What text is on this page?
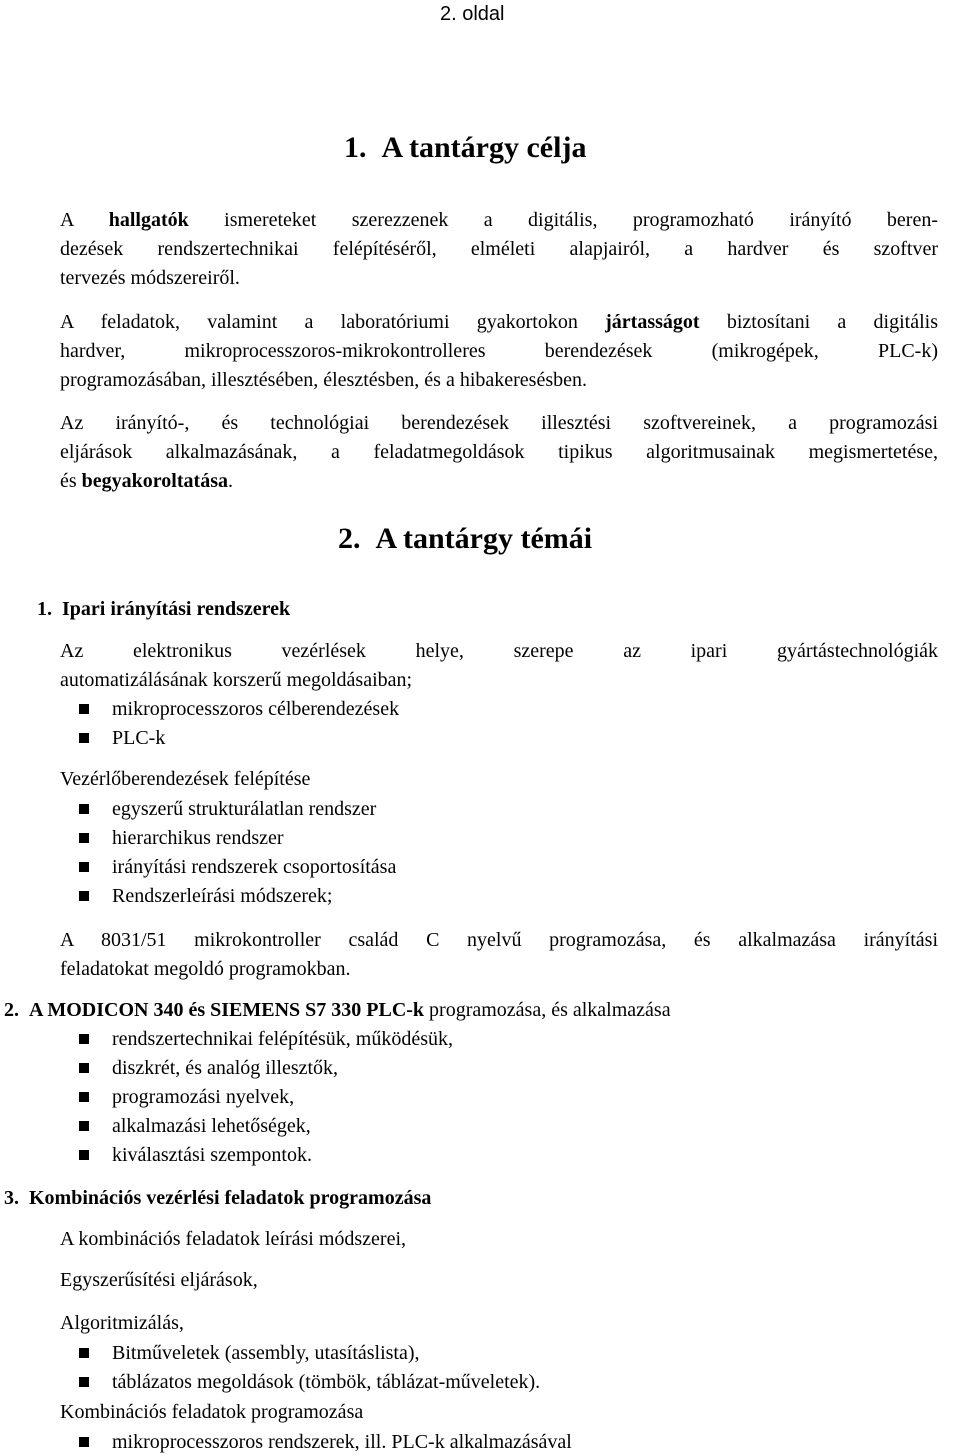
2. oldal
1. A tantárgy célja
A hallgatók ismereteket szerezzenek a digitális, programozható irányító beren-
dezések rendszertechnikai felépítéséről, elméleti alapjairól, a hardver és szoftver
tervezés módszereiről.
A feladatok, valamint a laboratóriumi gyakortokon jártasságot biztosítani a digitális
hardver, mikroprocesszoros-mikrokontrolleres berendezések (mikrogépek, PLC-k)
programozásában, illesztésében, élesztésben, és a hibakeresésben.
Az irányító-, és technológiai berendezések illesztési szoftvereinek, a programozási
eljárások alkalmazásának, a feladatmegoldások tipikus algoritmusainak megismertetése,
és begyakoroltatása.
2. A tantárgy témái
1.  Ipari irányítási rendszerek
Az elektronikus vezérlések helye, szerepe az ipari gyártástechnológiák
automatizálásának korszerű megoldásaiban;
mikroprocesszoros célberendezések
PLC-k
Vezérlőberendezések felépítése
egyszerű strukturálatlan rendszer
hierarchikus rendszer
irányítási rendszerek csoportosítása
Rendszerleírási módszerek;
A 8031/51 mikrokontroller család C nyelvű programozása, és alkalmazása irányítási
feladatokat megoldó programokban.
2. A MODICON 340 és SIEMENS S7 330 PLC-k programozása, és alkalmazása
rendszertechnikai felépítésük, működésük,
diszkrét, és analóg illesztők,
programozási nyelvek,
alkalmazási lehetőségek,
kiválasztási szempontok.
3. Kombinációs vezérlési feladatok programozása
A kombinációs feladatok leírási módszerei,
Egyszerűsítési eljárások,
Algoritmizálás,
Bitműveletek (assembly, utasításlista),
táblázatos megoldások (tömbök, táblázat-műveletek).
Kombinációs feladatok programozása
mikroprocesszoros rendszerek, ill. PLC-k alkalmazásával
